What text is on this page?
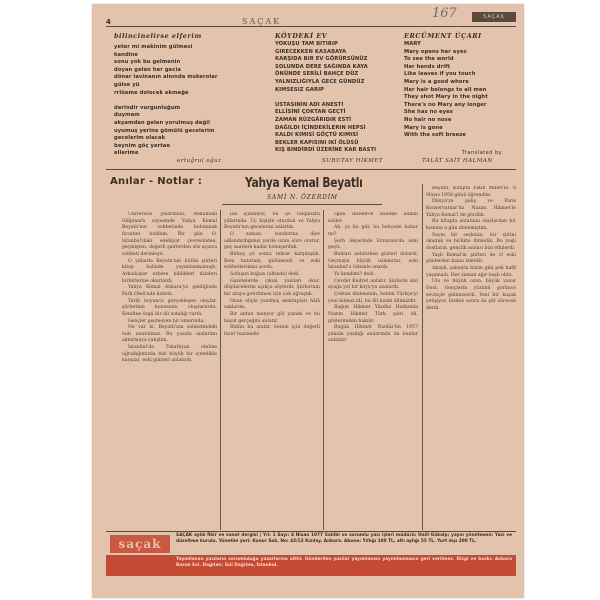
4	SAÇAK
167	SAÇAK
bilincinelirse elferim
yeter mi makinim gülmesi
kandine
sonu yok bu gelmenin
doyan gelen her gecia
dönar lavinanın alnında mskerolar
güise yü
rrlüeme dolocek ekmeğe
derindir vurgunluğum
duymam
akşamdan gelen yorulmuş değil
uyumuş yerine gömülü gecelerim
gecelerim olacak
beynim göç yertae
ellerime
ertuğrul oğuz
KÖYDEKİ EV
YOKUŞU TAM BITIRIP
GIRECEKKEN KASABAYA
KARŞIDA BIR EV GÖRÜRSÜNÜZ
SOLUNDA DERE SAĞINDA KAYA
ÖNÜNDE SERİLİ BAHÇE DÜZ
YALNIZLIĞIYLA GECE GÜNDÜZ
KIMSESIZ GARIP
USTASININ ADI ANESTİ
ELLİSİNİ ÇOKTAN GEÇTİ
ZAMAN RÜZGÂRIDIR ESTİ
DAĞILDI İÇİNDEKİLERIN HEPSİ
KALDI KIMISİ GÖÇTÜ KIMISİ
BEKLER KAPISINI IKİ ÖLÜSÜ
KIŞ BINDİRDİ ÜZERİNE KAR BASTI
SURUTAY HİKMET
ERCÜMENT ÜÇARI
MARY
Mary opens her eyes
To see the world
Her hands drift
Like leaves if you touch
Mary is a good whore
Her hair belongs to all men
They shot Mary in the night
There's no Mary any longer
She has no eyes
No hair no nose
Mary is gone
With the soft breeze
Translated by
TALÂT SAİT HALMAN
Anılar - Notlar :	Yahya Kemal Beyatlı
SAMİ N. ÖZERDİM

Üniversite yıllarımda, Abdülbaki Gölpınarlı sayesinde Yahya Kemal Beyatlı'nın sohbetinde bulunmak fırsatını buldum. Bir gün O, İstanbul'daki edebiyat çevresinden, geçmişten, değerli şairlerden söz açınca sohbeti derinleşti.

O yıllarda Beyatlı'nın bütün şiirleri kitap halinde yayımlanmamıştı. Arkadaşlar ezbere bildikleri dizeleri birbirlerine okurlardı.

Yahya Kemal Ankara'ya geldiğinde Park Oteli'nde kalırdı.

Tarih boyunca gerçekleşen olaylar, şiirlerinin konusunu oluştururdu. Kendine özgü bir dil ustalığı vardı.

Gençler geçmeyen bir umarında.

Ne var ki, Beyatlı'nın sohbetindeki tadı unutulmaz. Bu yazıda anılarımı aktarmaya çalıştım.

İstanbul'da Tokatlıyan oteline uğradığımızda bizi büyük bir içtenlikle karşılar, eski günleri anlatırdı.

lan içindeydi, bu iyi Gölpınarlı yıllarında. Üç kişiyle oturduk ve Yahya Beyatlı'nın gecelerini anlattık.

O zaman, sundurma diye adlandırdığımız yerde uzun süre oturur, geç saatlere kadar konuşurduk.

Birkaç yıl sonra tekrar karşılaştık. Beni hatırladı, gülümsedi ve eski sohbetlerimizi sordu.

Sofuşun boğazı (altında) dedi.

Gazetelerde çıkan yazıları okur, düşüncelerini açıkça söylerdi. Şiirlerinin bir araya getirilmesi için çok uğraştık.

Onun eliyle yazılmış mektupları hâlâ saklarım.

Bir antan menyor göl yazıda ve bu hayat gerçeğini anlatır.

Bütün bu anılar, benim için değerli birer hazinedir.

oğan dizelerce kaleme alınan sözler.

Ah, ya bu gül; bu bahçede bahar mı?

Şerh ükçerinde Erzurum'da ismi geçti.

Bunları anlatırken gözleri dolardı. Geçmişin büyük isimlerini, eski İstanbul'u özlemle anardı.

Ya kendimi? dedi.

Cevdet Kudret anlatır. Şiirlerin dizi ayağa yol bir koyu'ya uzanırdı.

Çoktan dinlenenin, benim Türkçe'yi yeni bilmez idi, bu dil bizim dilimizdir.

Bağım Hikmet Yüzdüz Hakkında Nazım Hikmet Türk şairi idi, gözlerimden bakılır.

Bugün Hikmet Yüzdüz'ün 1957 yılında yazdığı anılarında da bunlar anlatılır.

Beyatlı, Kitapta Fatih Millet'te, 8 Mayıs 1958 günü öğrendim.

Dünya'ya geliş ve Paris Konservatuar'da Nazım Hikmet'le Yahya Kemal'i de gördük.

Bu kitapta anlatılan olaylardan bir kısmını o gün dinlemiştim.

Sayın bir seçkinin, bir şiirini okuduk ve birlikte dinledik. Bu yaşlı dostların, gençlik anıları bizi etkilerdi.

Yaşlı Kemal'in şiirleri de O eski günlerden kalan izlerdir.

Abaylı, şahsıyla bizim gibi pek hafif yaşamadı. Her zaman ağır başlı oldu.

Ulu ve büyük ozan, büyük yazar Dost, Gençlerin yüzünü görünce sevinçle gülümserdi. Yeni bir kuşak yetişiyor, bizden sonra da şiir sürecek derdi.

saçak
SAÇAK aylık fikir ve sanat dergisi | Yıl: 1 Sayı: 4 Nisan 1977 Sahibi ve sorumlu yazı işleri müdürü: Halil Gökalp; yayın yönetmeni: Yazı ve düzeltme kurulu. Yönetim yeri: Konur Sok. No: 42/13 Kızılay, Ankara. Abone: Yıllığı 100 TL, altı aylığı 55 TL. Yurt dışı 200 TL.
Yayımlanan yazıların sorumluluğu yazarlarına aittir. Gönderilen yazılar yayımlansın yayımlanmasın geri verilmez. Dizgi ve baskı: Ankara Basım Evi. Dağıtım: Gül Dağıtım, İstanbul.
